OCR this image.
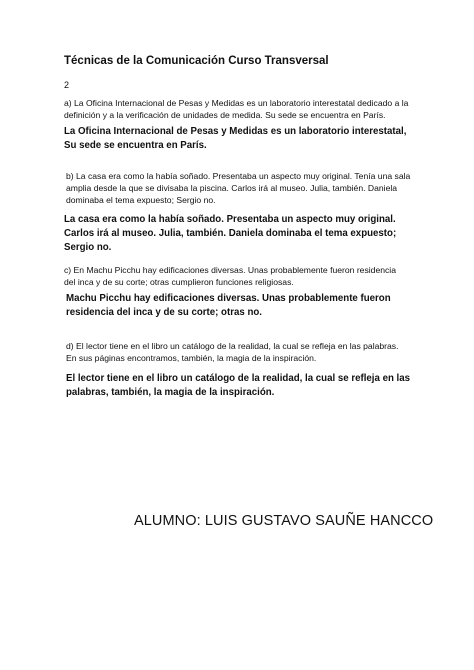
Técnicas de la Comunicación Curso Transversal
2
a) La Oficina Internacional de Pesas y Medidas es un laboratorio interestatal dedicado a la definición y a la verificación de unidades de medida. Su sede se encuentra en París.
La Oficina Internacional de Pesas y Medidas es un laboratorio interestatal, Su sede se encuentra en París.
b) La casa era como la había soñado. Presentaba un aspecto muy original. Tenía una sala amplia desde la que se divisaba la piscina. Carlos irá al museo. Julia, también. Daniela dominaba el tema expuesto; Sergio no.
La casa era como la había soñado. Presentaba un aspecto muy original. Carlos irá al museo. Julia, también. Daniela dominaba el tema expuesto; Sergio no.
c) En Machu Picchu hay edificaciones diversas. Unas probablemente fueron residencia del inca y de su corte; otras cumplieron funciones religiosas.
Machu Picchu hay edificaciones diversas. Unas probablemente fueron residencia del inca y de su corte; otras no.
d) El lector tiene en el libro un catálogo de la realidad, la cual se refleja en las palabras. En sus páginas encontramos, también, la magia de la inspiración.
El lector tiene en el libro un catálogo de la realidad, la cual se refleja en las palabras, también, la magia de la inspiración.
ALUMNO: LUIS GUSTAVO SAUÑE HANCCO
